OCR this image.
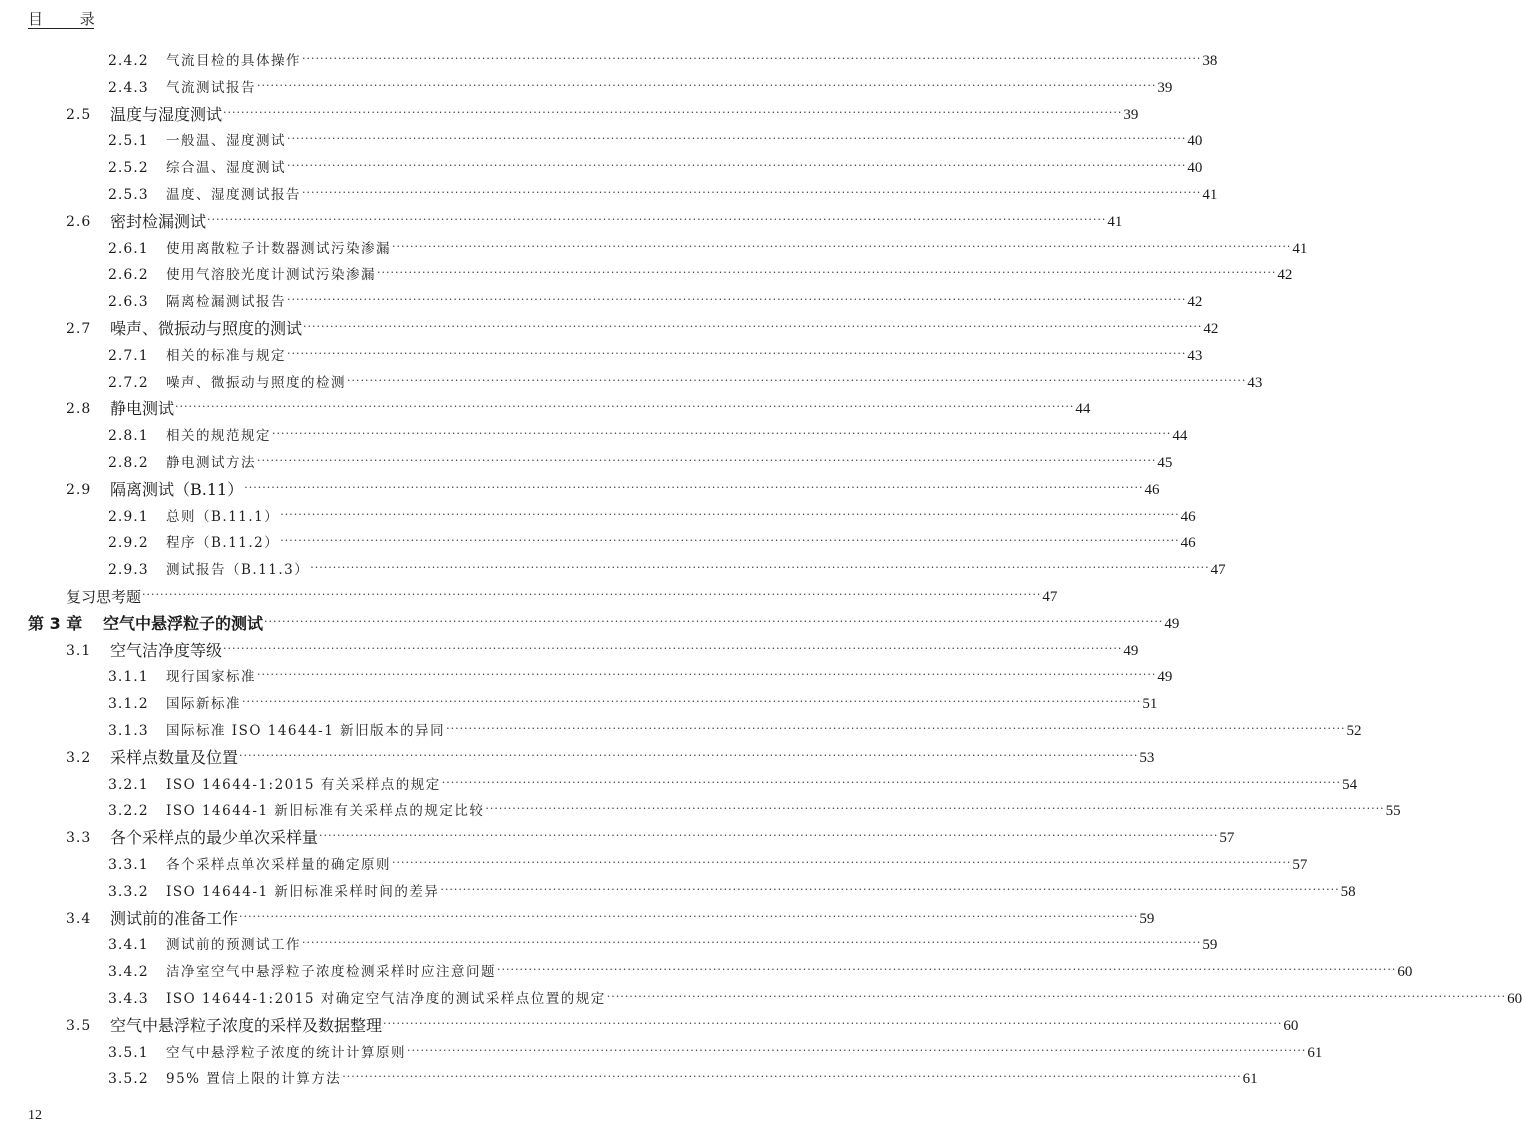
目 录
2.4.2	气流目检的具体操作 ········································································································································································································ 38
2.4.3	气流测试报告 ········································································································································································································ 39
2.5	温度与湿度测试 ········································································································································································································ 39
2.5.1	一般温、湿度测试 ········································································································································································································ 40
2.5.2	综合温、湿度测试 ········································································································································································································ 40
2.5.3	温度、湿度测试报告 ········································································································································································································ 41
2.6	密封检漏测试 ········································································································································································································ 41
2.6.1	使用离散粒子计数器测试污染渗漏 ········································································································································································································ 41
2.6.2	使用气溶胶光度计测试污染渗漏 ········································································································································································································ 42
2.6.3	隔离检漏测试报告 ········································································································································································································ 42
2.7	噪声、微振动与照度的测试 ········································································································································································································ 42
2.7.1	相关的标准与规定 ········································································································································································································ 43
2.7.2	噪声、微振动与照度的检测 ········································································································································································································ 43
2.8	静电测试 ········································································································································································································ 44
2.8.1	相关的规范规定 ········································································································································································································ 44
2.8.2	静电测试方法 ········································································································································································································ 45
2.9	隔离测试（B.11） ········································································································································································································ 46
2.9.1	总则（B.11.1） ········································································································································································································ 46
2.9.2	程序（B.11.2） ········································································································································································································ 46
2.9.3	测试报告（B.11.3） ········································································································································································································ 47
复习思考题 ········································································································································································································ 47
第 3 章	空气中悬浮粒子的测试 ········································································································································································································ 49
3.1	空气洁净度等级 ········································································································································································································ 49
3.1.1	现行国家标准 ········································································································································································································ 49
3.1.2	国际新标准 ········································································································································································································ 51
3.1.3	国际标准 ISO 14644-1 新旧版本的异同 ········································································································································································································ 52
3.2	采样点数量及位置 ········································································································································································································ 53
3.2.1	ISO 14644-1:2015 有关采样点的规定 ········································································································································································································ 54
3.2.2	ISO 14644-1 新旧标准有关采样点的规定比较 ········································································································································································································ 55
3.3	各个采样点的最少单次采样量 ········································································································································································································ 57
3.3.1	各个采样点单次采样量的确定原则 ········································································································································································································ 57
3.3.2	ISO 14644-1 新旧标准采样时间的差异 ········································································································································································································ 58
3.4	测试前的准备工作 ········································································································································································································ 59
3.4.1	测试前的预测试工作 ········································································································································································································ 59
3.4.2	洁净室空气中悬浮粒子浓度检测采样时应注意问题 ········································································································································································································ 60
3.4.3	ISO 14644-1:2015 对确定空气洁净度的测试采样点位置的规定 ········································································································································································································ 60
3.5	空气中悬浮粒子浓度的采样及数据整理 ········································································································································································································ 60
3.5.1	空气中悬浮粒子浓度的统计计算原则 ········································································································································································································ 61
3.5.2	95% 置信上限的计算方法 ········································································································································································································ 61
12
